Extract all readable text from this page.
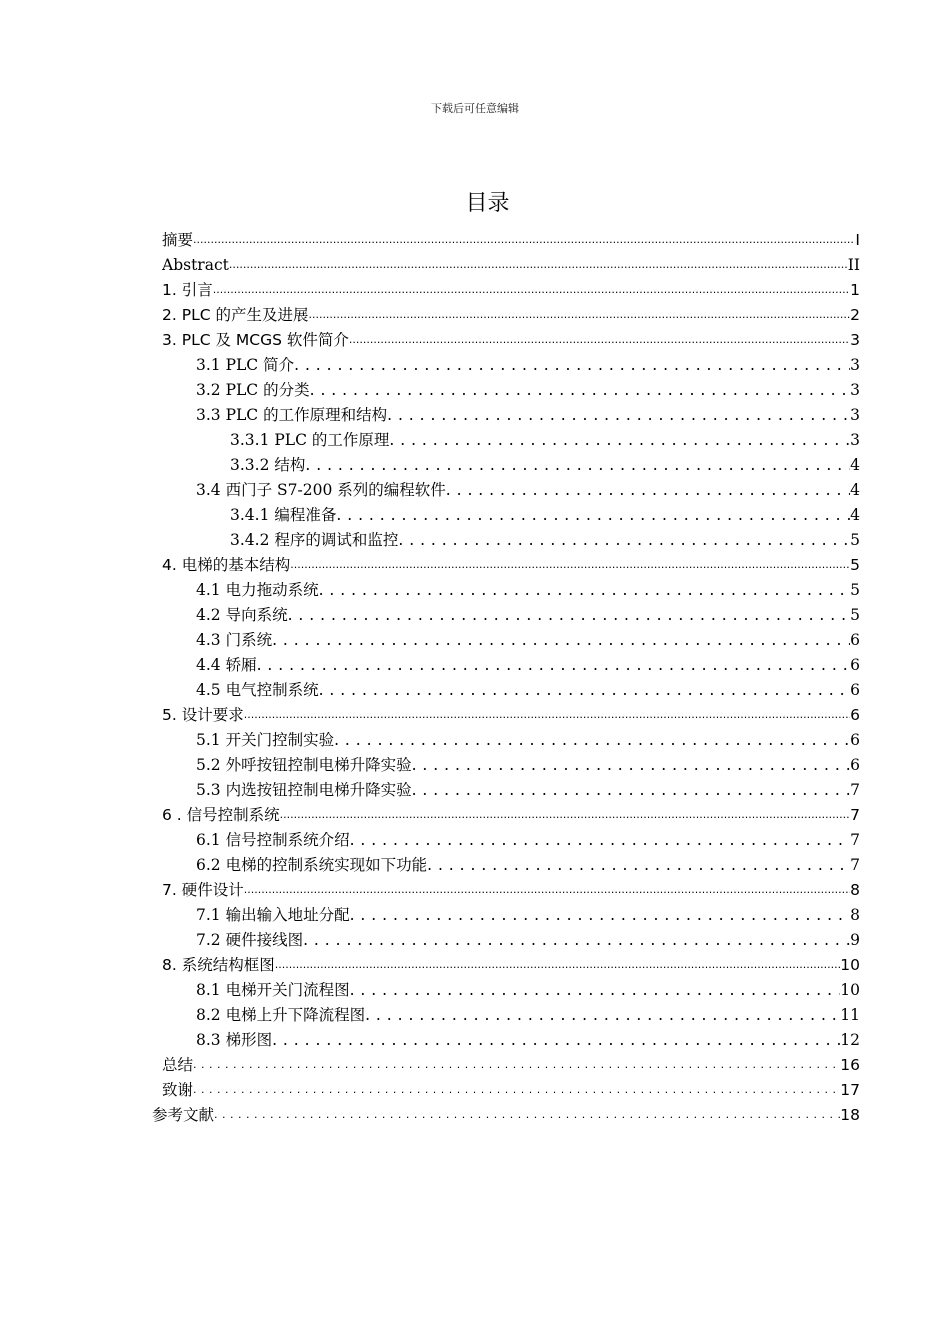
下载后可任意编辑
目录
摘要 .....	I
Abstract .....	II
1. 引言 .....	1
2. PLC 的产生及进展 .....	2
3. PLC 及 MCGS 软件简介 .....	3
3.1 PLC 简介 . . .	3
3.2 PLC 的分类 . . .	3
3.3 PLC 的工作原理和结构 . . .	3
3.3.1 PLC 的工作原理 . . .	3
3.3.2 结构 . . .	4
3.4 西门子 S7-200 系列的编程软件 . . .	4
3.4.1 编程准备 . . .	4
3.4.2 程序的调试和监控 . . .	5
4. 电梯的基本结构 .....	5
4.1 电力拖动系统 . . .	5
4.2 导向系统 . . .	5
4.3 门系统 . . .	6
4.4 轿厢 . . .	6
4.5 电气控制系统 . . .	6
5. 设计要求 .....	6
5.1 开关门控制实验 . . .	6
5.2 外呼按钮控制电梯升降实验 . . .	6
5.3 内选按钮控制电梯升降实验 . . .	7
6 . 信号控制系统 .....	7
6.1 信号控制系统介绍 . . .	7
6.2 电梯的控制系统实现如下功能 . . .	7
7. 硬件设计 .....	8
7.1 输出输入地址分配 . . .	8
7.2 硬件接线图 . . .	9
8. 系统结构框图 .....	10
8.1 电梯开关门流程图 . . .	10
8.2 电梯上升下降流程图 . . .	11
8.3 梯形图 . . .	12
总结 . . .	16
致谢 . . .	17
参考文献 . . .	18
